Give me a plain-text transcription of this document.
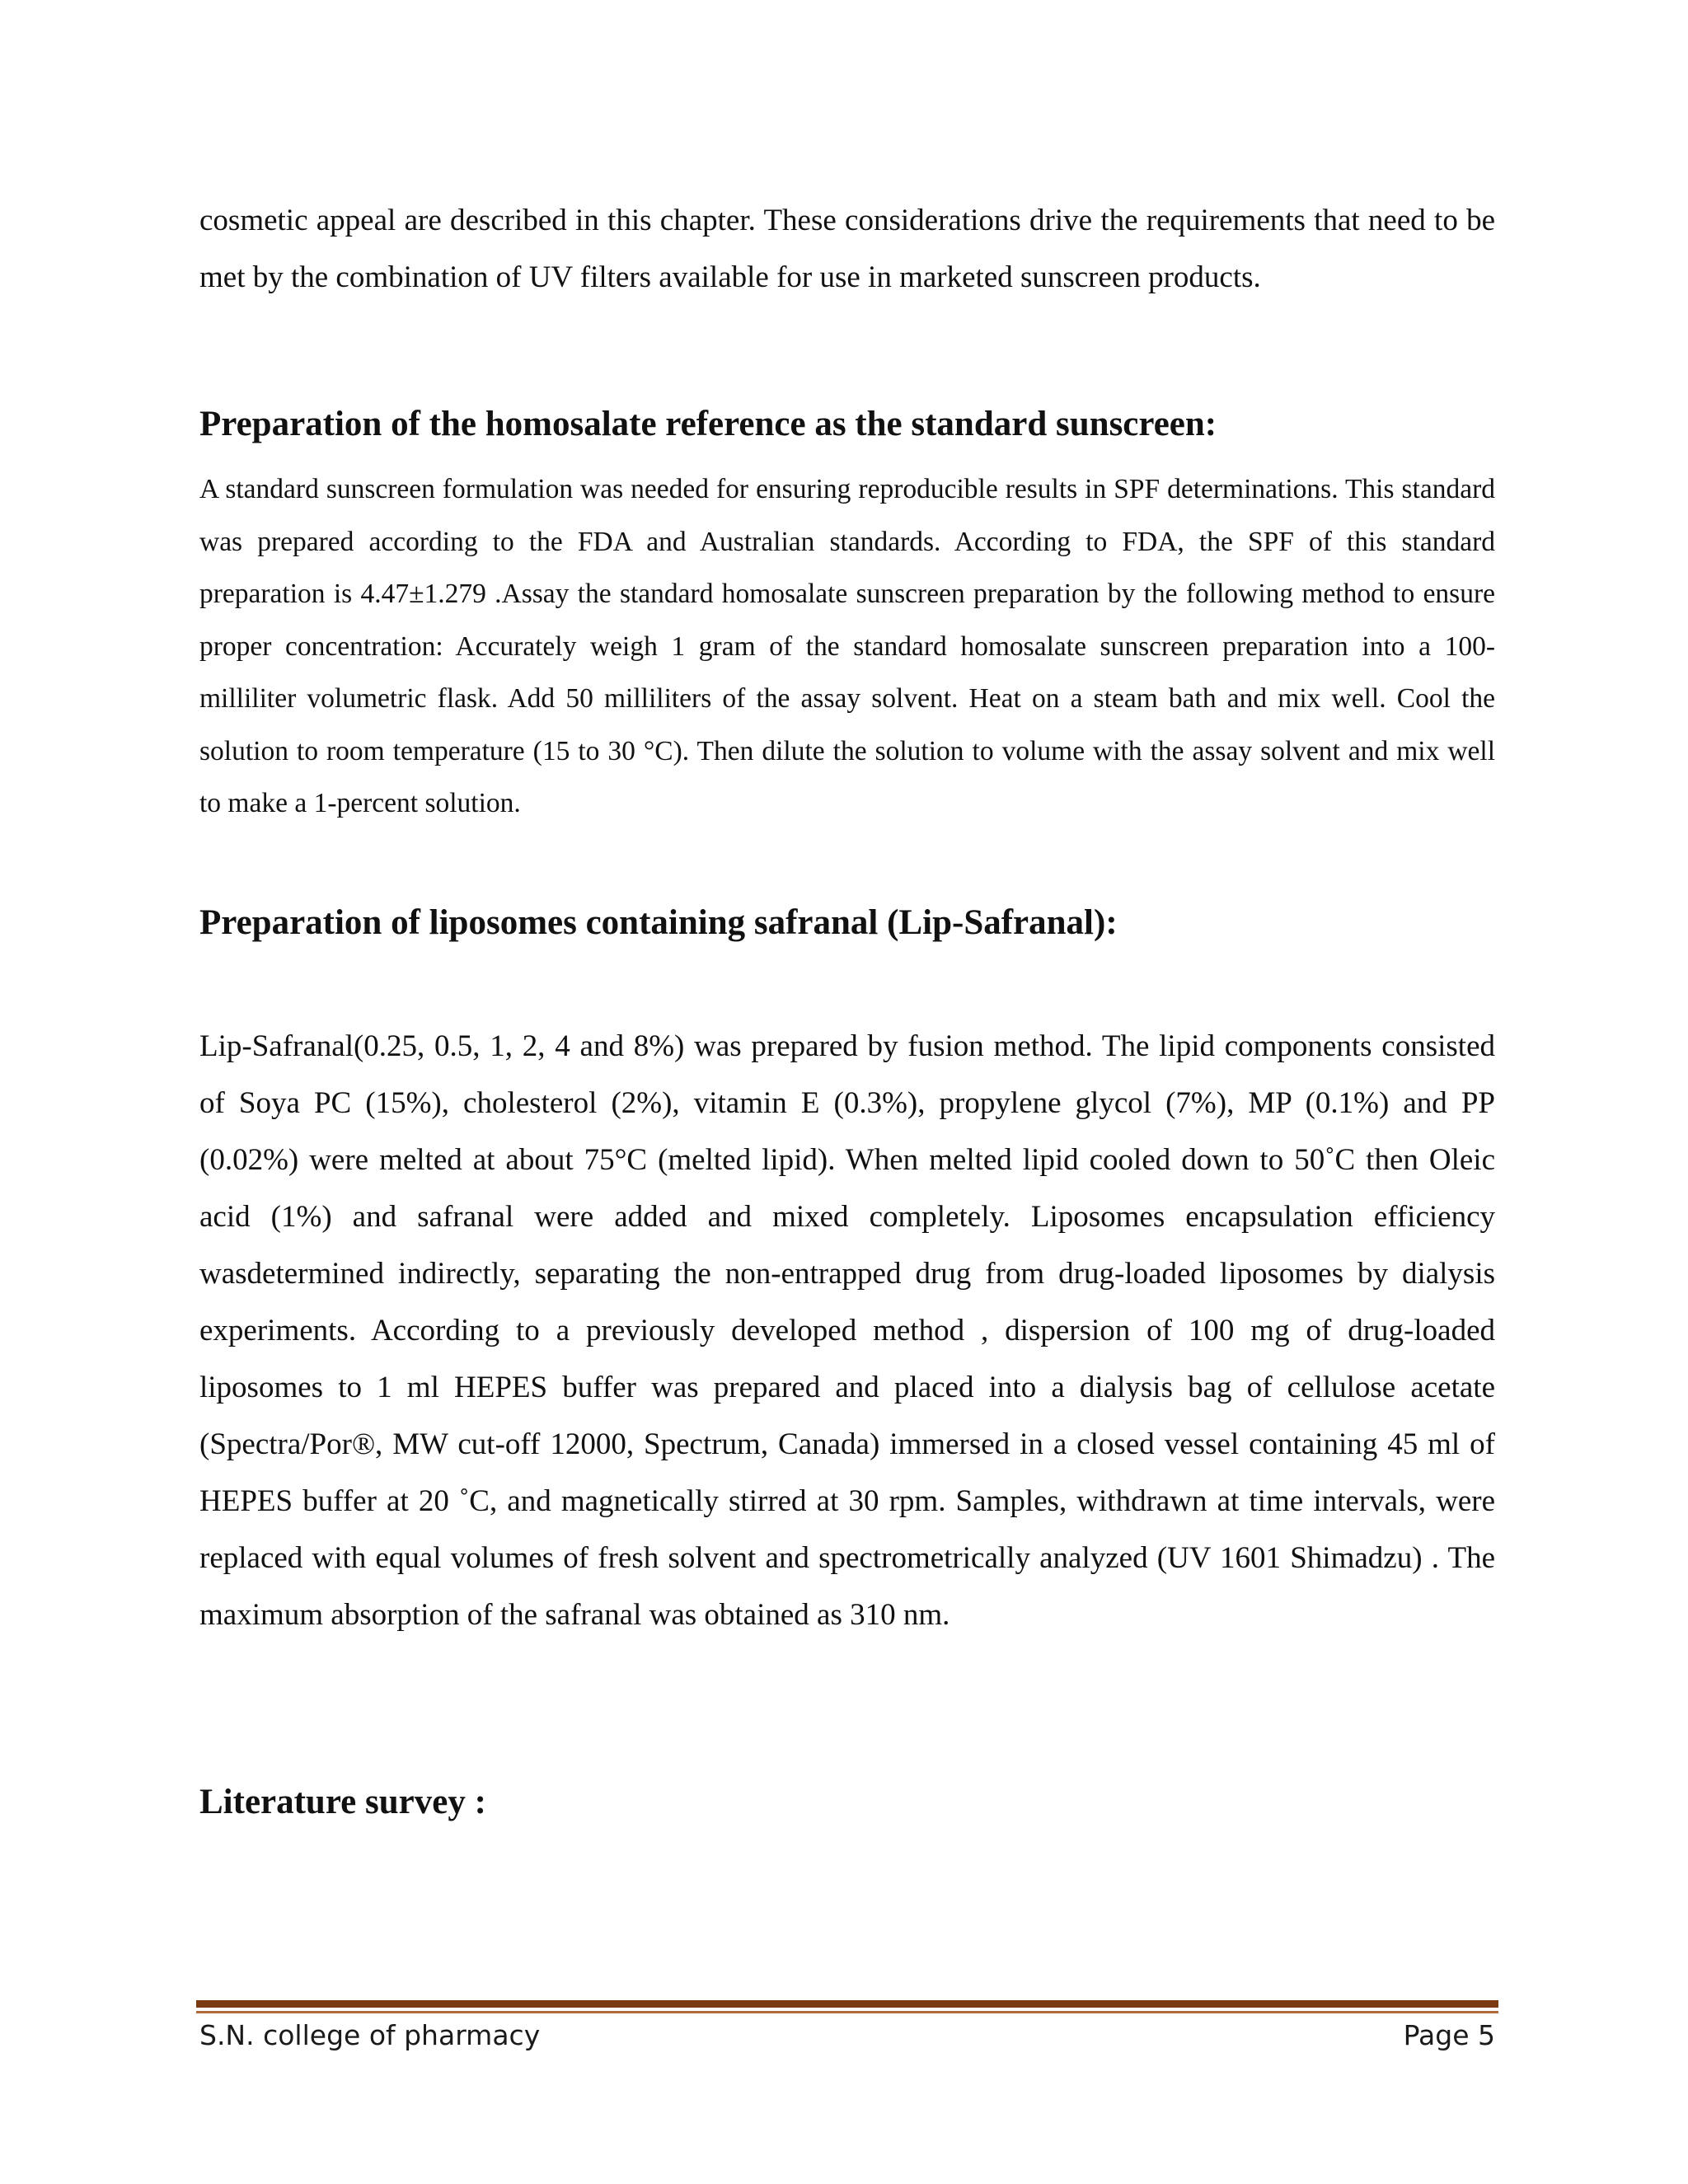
cosmetic appeal are described in this chapter. These considerations drive the requirements that need to be met by the combination of UV filters available for use in marketed sunscreen products.

Preparation of the homosalate reference as the standard sunscreen:

A standard sunscreen formulation was needed for ensuring reproducible results in SPF determinations. This standard was prepared according to the FDA and Australian standards. According to FDA, the SPF of this standard preparation is 4.47±1.279 .Assay the standard homosalate sunscreen preparation by the following method to ensure proper concentration: Accurately weigh 1 gram of the standard homosalate sunscreen preparation into a 100-milliliter volumetric flask. Add 50 milliliters of the assay solvent. Heat on a steam bath and mix well. Cool the solution to room temperature (15 to 30 °C). Then dilute the solution to volume with the assay solvent and mix well to make a 1-percent solution.

Preparation of liposomes containing safranal (Lip-Safranal):

Lip-Safranal(0.25, 0.5, 1, 2, 4 and 8%) was prepared by fusion method. The lipid components consisted of Soya PC (15%), cholesterol (2%), vitamin E (0.3%), propylene glycol (7%), MP (0.1%) and PP (0.02%) were melted at about 75°C (melted lipid). When melted lipid cooled down to 50˚C then Oleic acid (1%) and safranal were added and mixed completely. Liposomes encapsulation efficiency wasdetermined indirectly, separating the non-entrapped drug from drug-loaded liposomes by dialysis experiments. According to a previously developed method , dispersion of 100 mg of drug-loaded liposomes to 1 ml HEPES buffer was prepared and placed into a dialysis bag of cellulose acetate (Spectra/Por®, MW cut-off 12000, Spectrum, Canada) immersed in a closed vessel containing 45 ml of HEPES buffer at 20 ˚C, and magnetically stirred at 30 rpm. Samples, withdrawn at time intervals, were replaced with equal volumes of fresh solvent and spectrometrically analyzed (UV 1601 Shimadzu) . The maximum absorption of the safranal was obtained as 310 nm.

Literature survey :
S.N. college of pharmacy	Page 5
